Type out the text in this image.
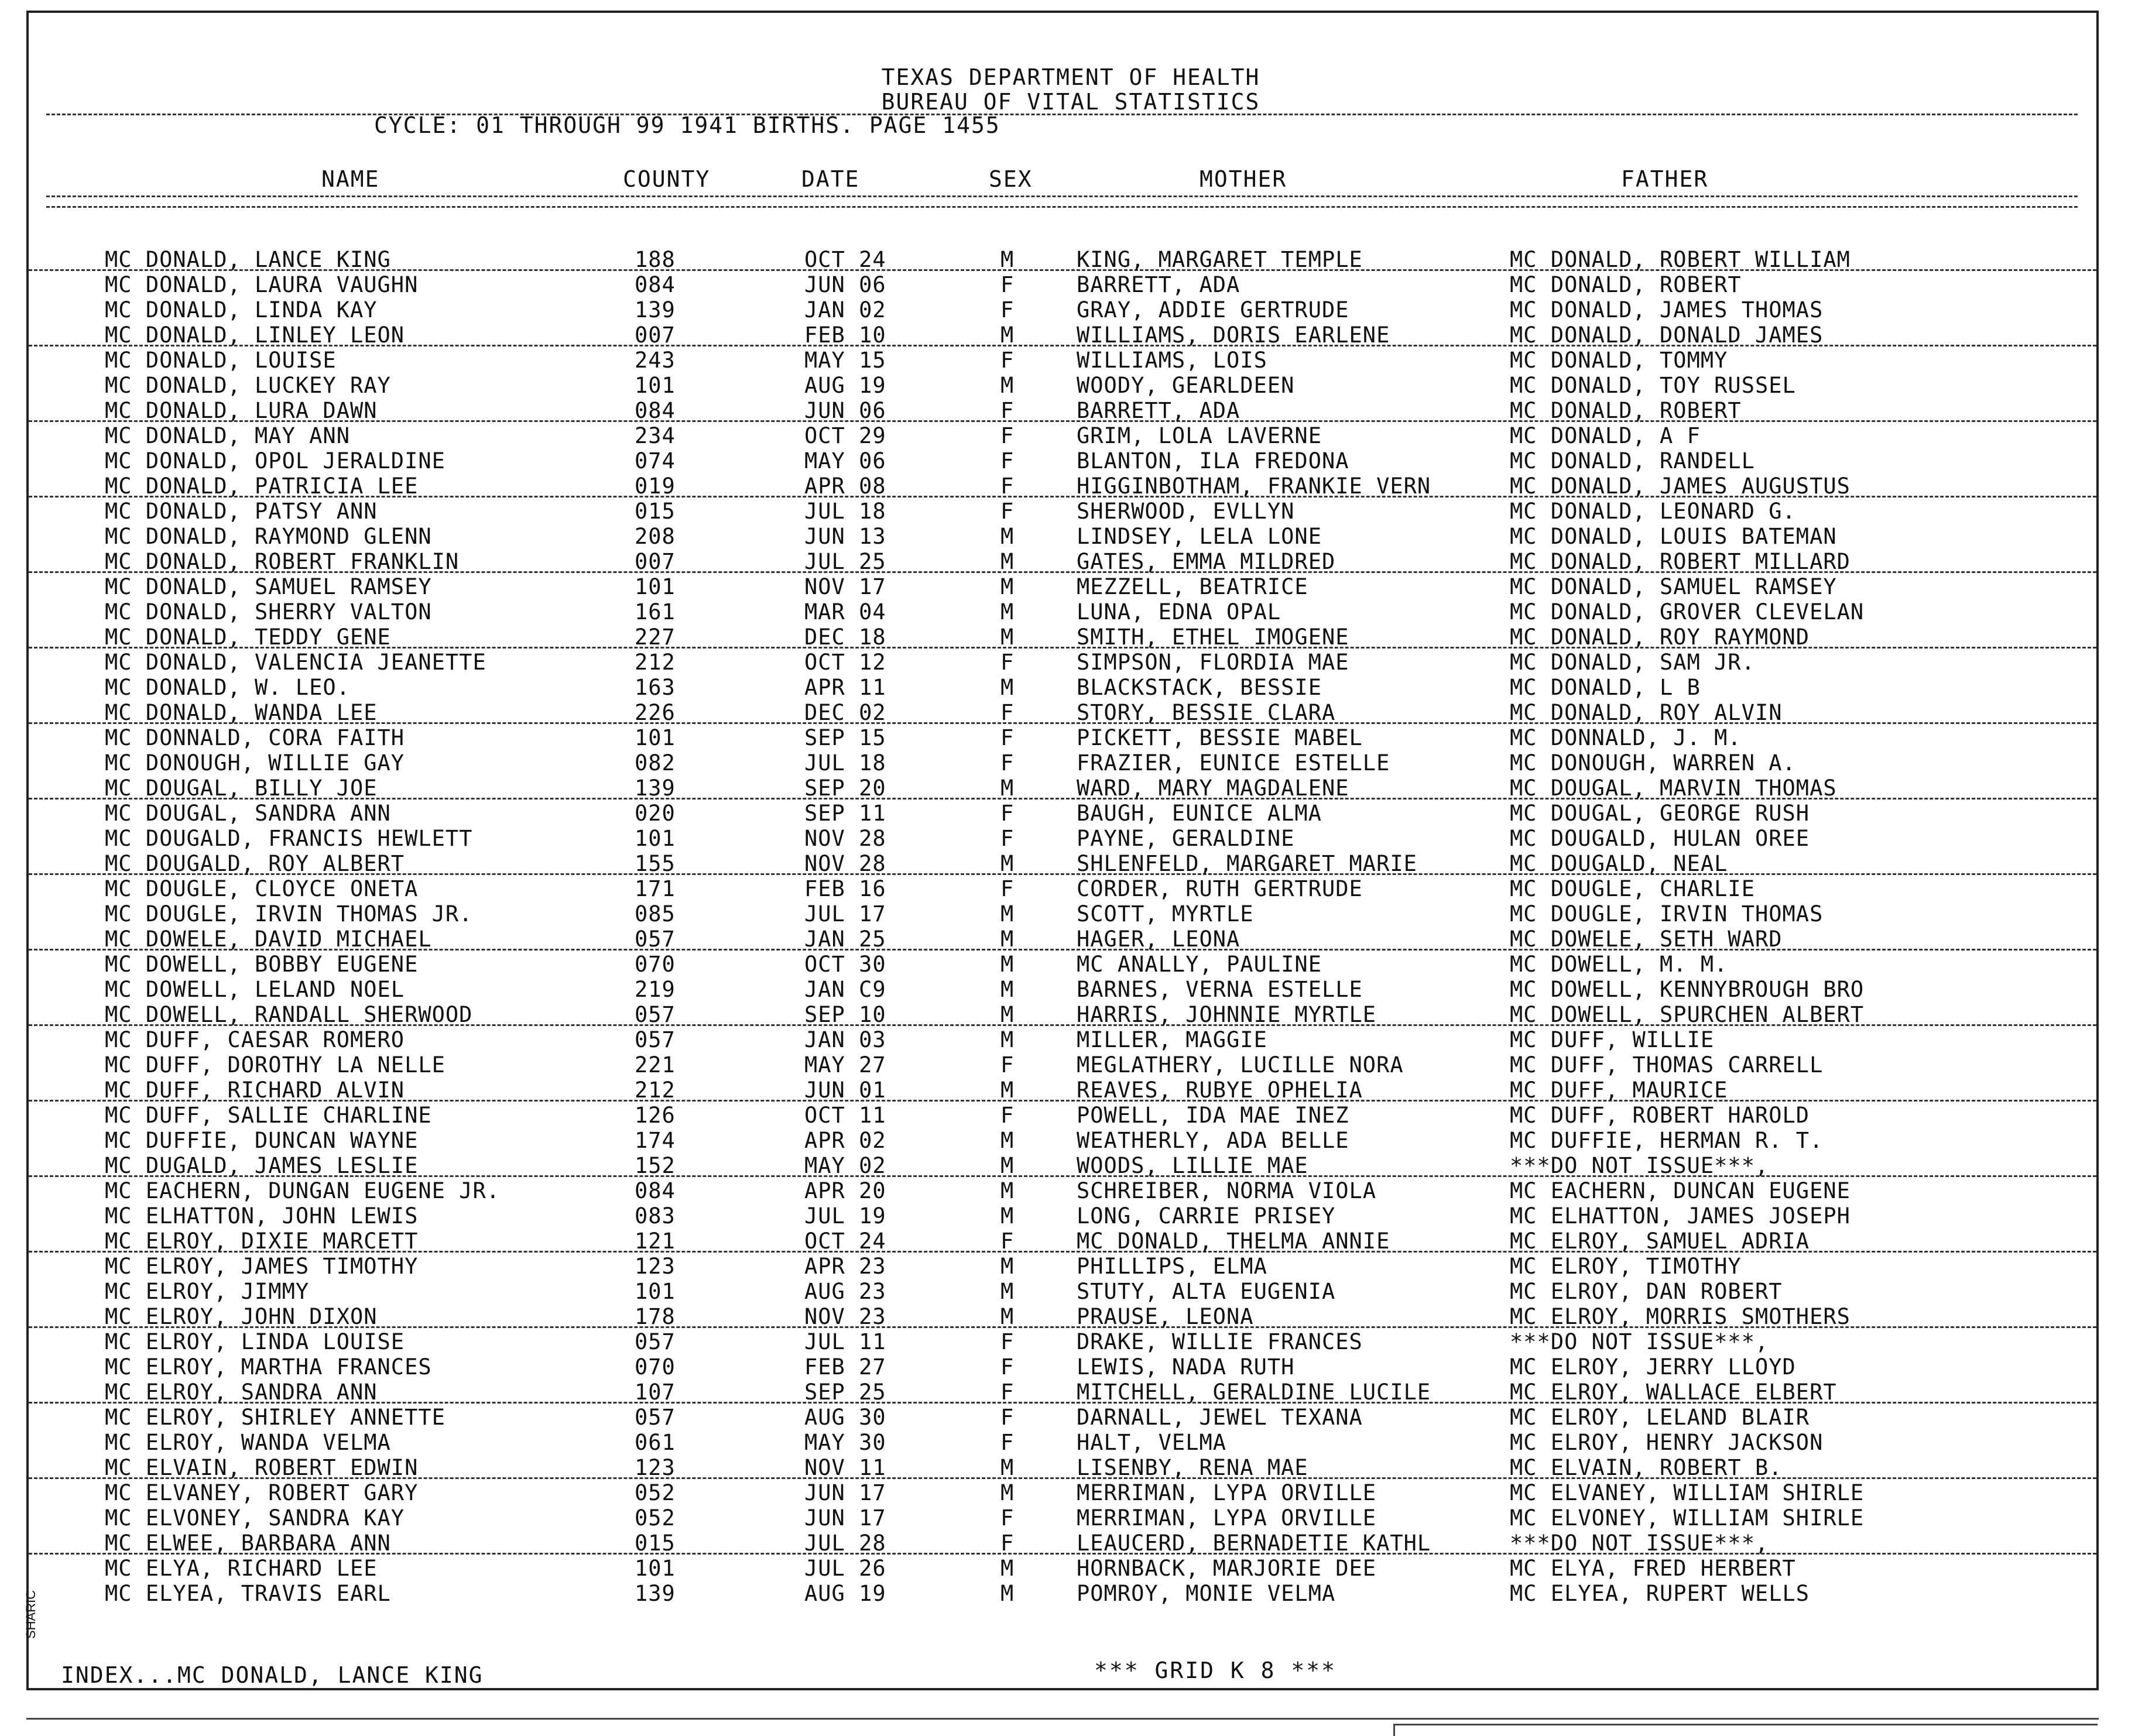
TEXAS DEPARTMENT OF HEALTH
BUREAU OF VITAL STATISTICS
CYCLE: 01 THROUGH 99 1941 BIRTHS. PAGE 1455
NAME	COUNTY	DATE	SEX	MOTHER	FATHER
MC DONALD, LANCE KING	188	OCT 24	M	KING, MARGARET TEMPLE	MC DONALD, ROBERT WILLIAM
MC DONALD, LAURA VAUGHN	084	JUN 06	F	BARRETT, ADA	MC DONALD, ROBERT
MC DONALD, LINDA KAY	139	JAN 02	F	GRAY, ADDIE GERTRUDE	MC DONALD, JAMES THOMAS
MC DONALD, LINLEY LEON	007	FEB 10	M	WILLIAMS, DORIS EARLENE	MC DONALD, DONALD JAMES
MC DONALD, LOUISE	243	MAY 15	F	WILLIAMS, LOIS	MC DONALD, TOMMY
MC DONALD, LUCKEY RAY	101	AUG 19	M	WOODY, GEARLDEEN	MC DONALD, TOY RUSSEL
MC DONALD, LURA DAWN	084	JUN 06	F	BARRETT, ADA	MC DONALD, ROBERT
MC DONALD, MAY ANN	234	OCT 29	F	GRIM, LOLA LAVERNE	MC DONALD, A F
MC DONALD, OPOL JERALDINE	074	MAY 06	F	BLANTON, ILA FREDONA	MC DONALD, RANDELL
MC DONALD, PATRICIA LEE	019	APR 08	F	HIGGINBOTHAM, FRANKIE VERN	MC DONALD, JAMES AUGUSTUS
MC DONALD, PATSY ANN	015	JUL 18	F	SHERWOOD, EVLLYN	MC DONALD, LEONARD G.
MC DONALD, RAYMOND GLENN	208	JUN 13	M	LINDSEY, LELA LONE	MC DONALD, LOUIS BATEMAN
MC DONALD, ROBERT FRANKLIN	007	JUL 25	M	GATES, EMMA MILDRED	MC DONALD, ROBERT MILLARD
MC DONALD, SAMUEL RAMSEY	101	NOV 17	M	MEZZELL, BEATRICE	MC DONALD, SAMUEL RAMSEY
MC DONALD, SHERRY VALTON	161	MAR 04	M	LUNA, EDNA OPAL	MC DONALD, GROVER CLEVELAN
MC DONALD, TEDDY GENE	227	DEC 18	M	SMITH, ETHEL IMOGENE	MC DONALD, ROY RAYMOND
MC DONALD, VALENCIA JEANETTE	212	OCT 12	F	SIMPSON, FLORDIA MAE	MC DONALD, SAM JR.
MC DONALD, W. LEO.	163	APR 11	M	BLACKSTACK, BESSIE	MC DONALD, L B
MC DONALD, WANDA LEE	226	DEC 02	F	STORY, BESSIE CLARA	MC DONALD, ROY ALVIN
MC DONNALD, CORA FAITH	101	SEP 15	F	PICKETT, BESSIE MABEL	MC DONNALD, J. M.
MC DONOUGH, WILLIE GAY	082	JUL 18	F	FRAZIER, EUNICE ESTELLE	MC DONOUGH, WARREN A.
MC DOUGAL, BILLY JOE	139	SEP 20	M	WARD, MARY MAGDALENE	MC DOUGAL, MARVIN THOMAS
MC DOUGAL, SANDRA ANN	020	SEP 11	F	BAUGH, EUNICE ALMA	MC DOUGAL, GEORGE RUSH
MC DOUGALD, FRANCIS HEWLETT	101	NOV 28	F	PAYNE, GERALDINE	MC DOUGALD, HULAN OREE
MC DOUGALD, ROY ALBERT	155	NOV 28	M	SHLENFELD, MARGARET MARIE	MC DOUGALD, NEAL
MC DOUGLE, CLOYCE ONETA	171	FEB 16	F	CORDER, RUTH GERTRUDE	MC DOUGLE, CHARLIE
MC DOUGLE, IRVIN THOMAS JR.	085	JUL 17	M	SCOTT, MYRTLE	MC DOUGLE, IRVIN THOMAS
MC DOWELE, DAVID MICHAEL	057	JAN 25	M	HAGER, LEONA	MC DOWELE, SETH WARD
MC DOWELL, BOBBY EUGENE	070	OCT 30	M	MC ANALLY, PAULINE	MC DOWELL, M. M.
MC DOWELL, LELAND NOEL	219	JAN C9	M	BARNES, VERNA ESTELLE	MC DOWELL, KENNYBROUGH BRO
MC DOWELL, RANDALL SHERWOOD	057	SEP 10	M	HARRIS, JOHNNIE MYRTLE	MC DOWELL, SPURCHEN ALBERT
MC DUFF, CAESAR ROMERO	057	JAN 03	M	MILLER, MAGGIE	MC DUFF, WILLIE
MC DUFF, DOROTHY LA NELLE	221	MAY 27	F	MEGLATHERY, LUCILLE NORA	MC DUFF, THOMAS CARRELL
MC DUFF, RICHARD ALVIN	212	JUN 01	M	REAVES, RUBYE OPHELIA	MC DUFF, MAURICE
MC DUFF, SALLIE CHARLINE	126	OCT 11	F	POWELL, IDA MAE INEZ	MC DUFF, ROBERT HAROLD
MC DUFFIE, DUNCAN WAYNE	174	APR 02	M	WEATHERLY, ADA BELLE	MC DUFFIE, HERMAN R. T.
MC DUGALD, JAMES LESLIE	152	MAY 02	M	WOODS, LILLIE MAE	***DO NOT ISSUE***,
MC EACHERN, DUNGAN EUGENE JR.	084	APR 20	M	SCHREIBER, NORMA VIOLA	MC EACHERN, DUNCAN EUGENE
MC ELHATTON, JOHN LEWIS	083	JUL 19	M	LONG, CARRIE PRISEY	MC ELHATTON, JAMES JOSEPH
MC ELROY, DIXIE MARCETT	121	OCT 24	F	MC DONALD, THELMA ANNIE	MC ELROY, SAMUEL ADRIA
MC ELROY, JAMES TIMOTHY	123	APR 23	M	PHILLIPS, ELMA	MC ELROY, TIMOTHY
MC ELROY, JIMMY	101	AUG 23	M	STUTY, ALTA EUGENIA	MC ELROY, DAN ROBERT
MC ELROY, JOHN DIXON	178	NOV 23	M	PRAUSE, LEONA	MC ELROY, MORRIS SMOTHERS
MC ELROY, LINDA LOUISE	057	JUL 11	F	DRAKE, WILLIE FRANCES	***DO NOT ISSUE***,
MC ELROY, MARTHA FRANCES	070	FEB 27	F	LEWIS, NADA RUTH	MC ELROY, JERRY LLOYD
MC ELROY, SANDRA ANN	107	SEP 25	F	MITCHELL, GERALDINE LUCILE	MC ELROY, WALLACE ELBERT
MC ELROY, SHIRLEY ANNETTE	057	AUG 30	F	DARNALL, JEWEL TEXANA	MC ELROY, LELAND BLAIR
MC ELROY, WANDA VELMA	061	MAY 30	F	HALT, VELMA	MC ELROY, HENRY JACKSON
MC ELVAIN, ROBERT EDWIN	123	NOV 11	M	LISENBY, RENA MAE	MC ELVAIN, ROBERT B.
MC ELVANEY, ROBERT GARY	052	JUN 17	M	MERRIMAN, LYPA ORVILLE	MC ELVANEY, WILLIAM SHIRLE
MC ELVONEY, SANDRA KAY	052	JUN 17	F	MERRIMAN, LYPA ORVILLE	MC ELVONEY, WILLIAM SHIRLE
MC ELWEE, BARBARA ANN	015	JUL 28	F	LEAUCERD, BERNADETIE KATHL	***DO NOT ISSUE***,
MC ELYA, RICHARD LEE	101	JUL 26	M	HORNBACK, MARJORIE DEE	MC ELYA, FRED HERBERT
MC ELYEA, TRAVIS EARL	139	AUG 19	M	POMROY, MONIE VELMA	MC ELYEA, RUPERT WELLS
INDEX...MC DONALD, LANCE KING	*** GRID K 8 ***
SHARIC
